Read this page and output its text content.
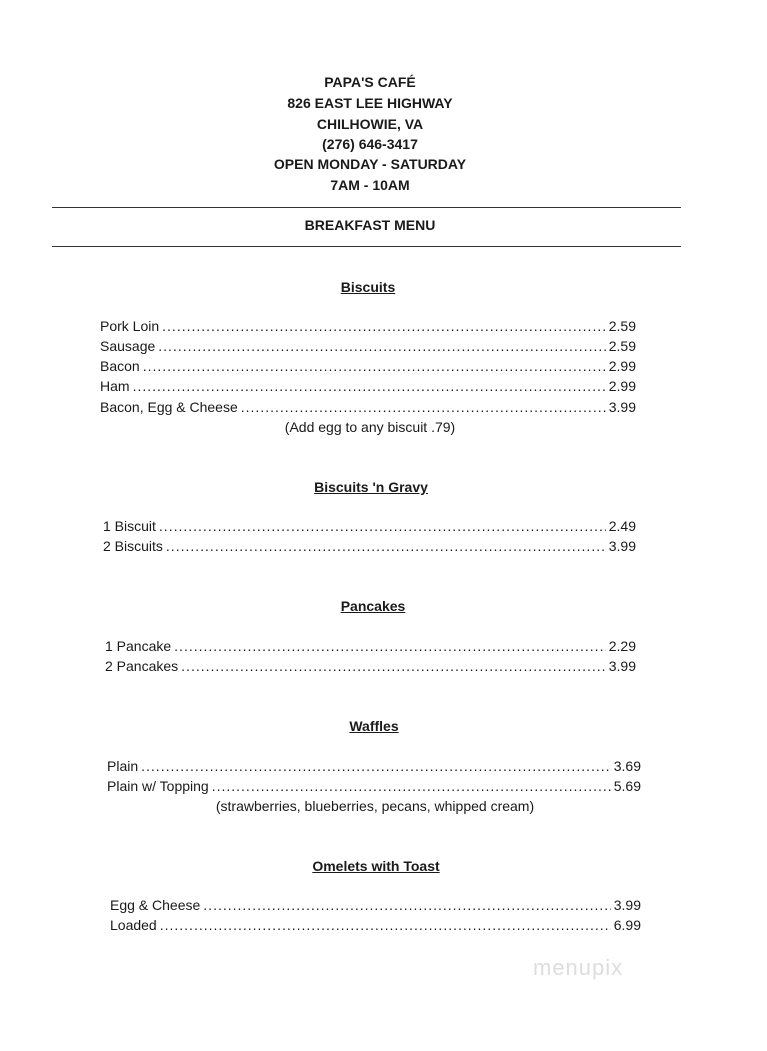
PAPA'S CAFÉ
826 EAST LEE HIGHWAY
CHILHOWIE, VA
(276) 646-3417
OPEN MONDAY - SATURDAY
7AM - 10AM
BREAKFAST MENU
Biscuits
Pork Loin .....	2.59
Sausage .....	2.59
Bacon .....	2.99
Ham .....	2.99
Bacon, Egg & Cheese .....	3.99
(Add egg to any biscuit .79)
Biscuits 'n Gravy
1 Biscuit .....	2.49
2 Biscuits .....	3.99
Pancakes
1 Pancake .....	2.29
2 Pancakes .....	3.99
Waffles
Plain .....	3.69
Plain w/ Topping .....	5.69
(strawberries, blueberries, pecans, whipped cream)
Omelets with Toast
Egg & Cheese .....	3.99
Loaded .....	6.99
menupix
